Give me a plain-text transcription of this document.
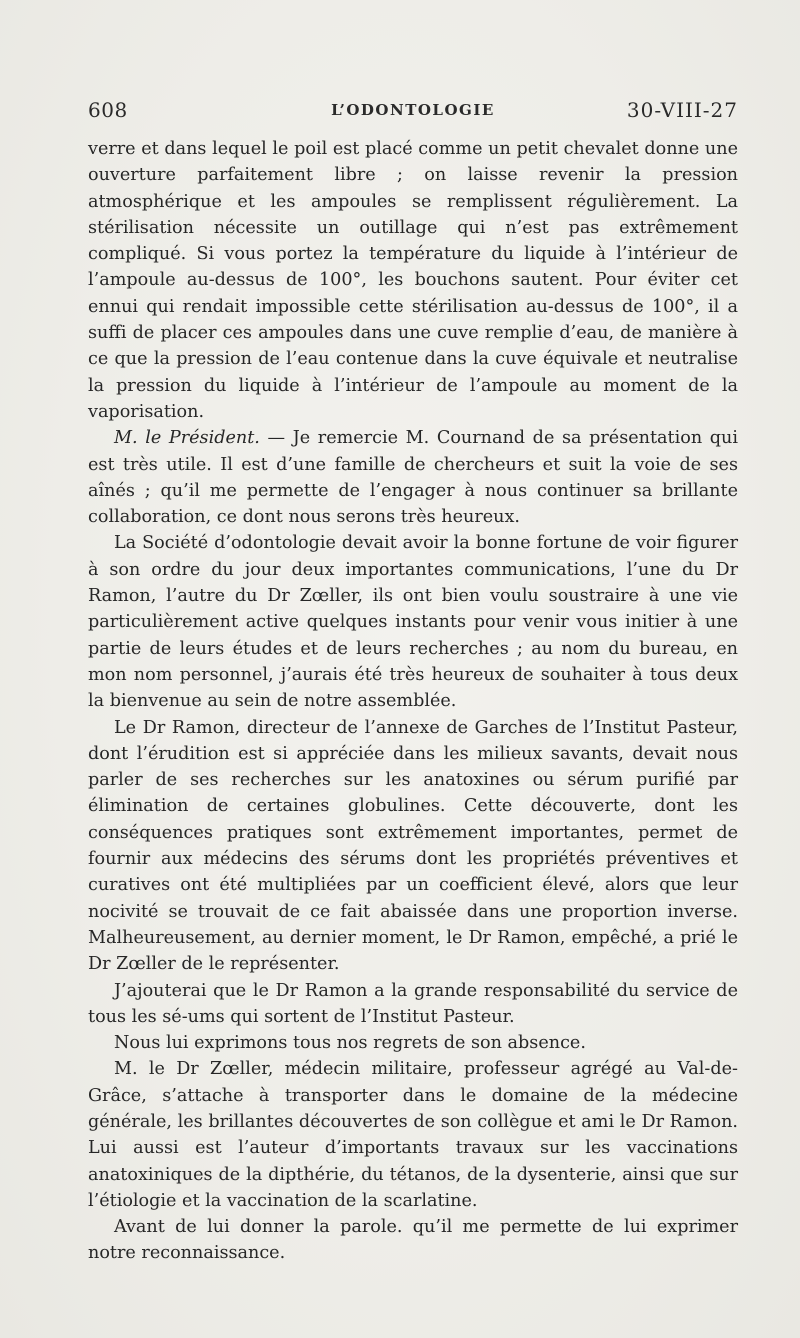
608	L’ODONTOLOGIE	30-VIII-27

verre et dans lequel le poil est placé comme un petit chevalet donne une ouverture parfaitement libre ; on laisse revenir la pression atmosphérique et les ampoules se remplissent régulièrement. La stérilisation nécessite un outillage qui n’est pas extrêmement compliqué. Si vous portez la température du liquide à l’intérieur de l’ampoule au-dessus de 100°, les bouchons sautent. Pour éviter cet ennui qui rendait impossible cette stérilisation au-dessus de 100°, il a suffi de placer ces ampoules dans une cuve remplie d’eau, de manière à ce que la pression de l’eau contenue dans la cuve équivale et neutralise la pression du liquide à l’intérieur de l’ampoule au moment de la vaporisation.

M. le Président. — Je remercie M. Cournand de sa présentation qui est très utile. Il est d’une famille de chercheurs et suit la voie de ses aînés ; qu’il me permette de l’engager à nous continuer sa brillante collaboration, ce dont nous serons très heureux.

La Société d’odontologie devait avoir la bonne fortune de voir figurer à son ordre du jour deux importantes communications, l’une du Dr Ramon, l’autre du Dr Zœller, ils ont bien voulu soustraire à une vie particulièrement active quelques instants pour venir vous initier à une partie de leurs études et de leurs recherches ; au nom du bureau, en mon nom personnel, j’aurais été très heureux de souhaiter à tous deux la bienvenue au sein de notre assemblée.

Le Dr Ramon, directeur de l’annexe de Garches de l’Institut Pasteur, dont l’érudition est si appréciée dans les milieux savants, devait nous parler de ses recherches sur les anatoxines ou sérum purifié par élimination de certaines globulines. Cette découverte, dont les conséquences pratiques sont extrêmement importantes, permet de fournir aux médecins des sérums dont les propriétés préventives et curatives ont été multipliées par un coefficient élevé, alors que leur nocivité se trouvait de ce fait abaissée dans une proportion inverse. Malheureusement, au dernier moment, le Dr Ramon, empêché, a prié le Dr Zœller de le représenter.

J’ajouterai que le Dr Ramon a la grande responsabilité du service de tous les sé-ums qui sortent de l’Institut Pasteur.

Nous lui exprimons tous nos regrets de son absence.

M. le Dr Zœller, médecin militaire, professeur agrégé au Val-de-Grâce, s’attache à transporter dans le domaine de la médecine générale, les brillantes découvertes de son collègue et ami le Dr Ramon. Lui aussi est l’auteur d’importants travaux sur les vaccinations anatoxiniques de la dipthérie, du tétanos, de la dysenterie, ainsi que sur l’étiologie et la vaccination de la scarlatine.

Avant de lui donner la parole. qu’il me permette de lui exprimer notre reconnaissance.
